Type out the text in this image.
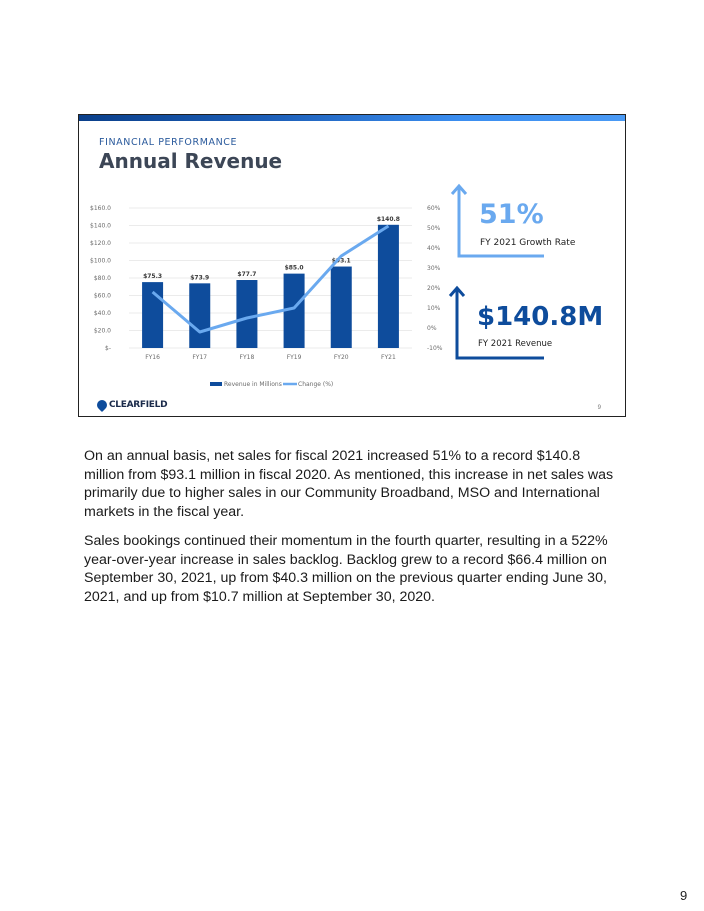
FINANCIAL PERFORMANCE
Annual Revenue
$-
$20.0
$40.0
$60.0
$80.0
$100.0
$120.0
$140.0
$160.0
-10%
0%
10%
20%
30%
40%
50%
60%
$75.3
FY16
$73.9
FY17
$77.7
FY18
$85.0
FY19
$93.1
FY20
$140.8
FY21
Revenue in Millions	Change (%)
51%
FY 2021 Growth Rate
$140.8M
FY 2021 Revenue
CLEARFIELD	9

On an annual basis, net sales for fiscal 2021 increased 51% to a record $140.8 million from $93.1 million in fiscal 2020. As mentioned, this increase in net sales was primarily due to higher sales in our Community Broadband, MSO and International markets in the fiscal year.

Sales bookings continued their momentum in the fourth quarter, resulting in a 522% year-over-year increase in sales backlog. Backlog grew to a record $66.4 million on September 30, 2021, up from $40.3 million on the previous quarter ending June 30, 2021, and up from $10.7 million at September 30, 2020.

9
